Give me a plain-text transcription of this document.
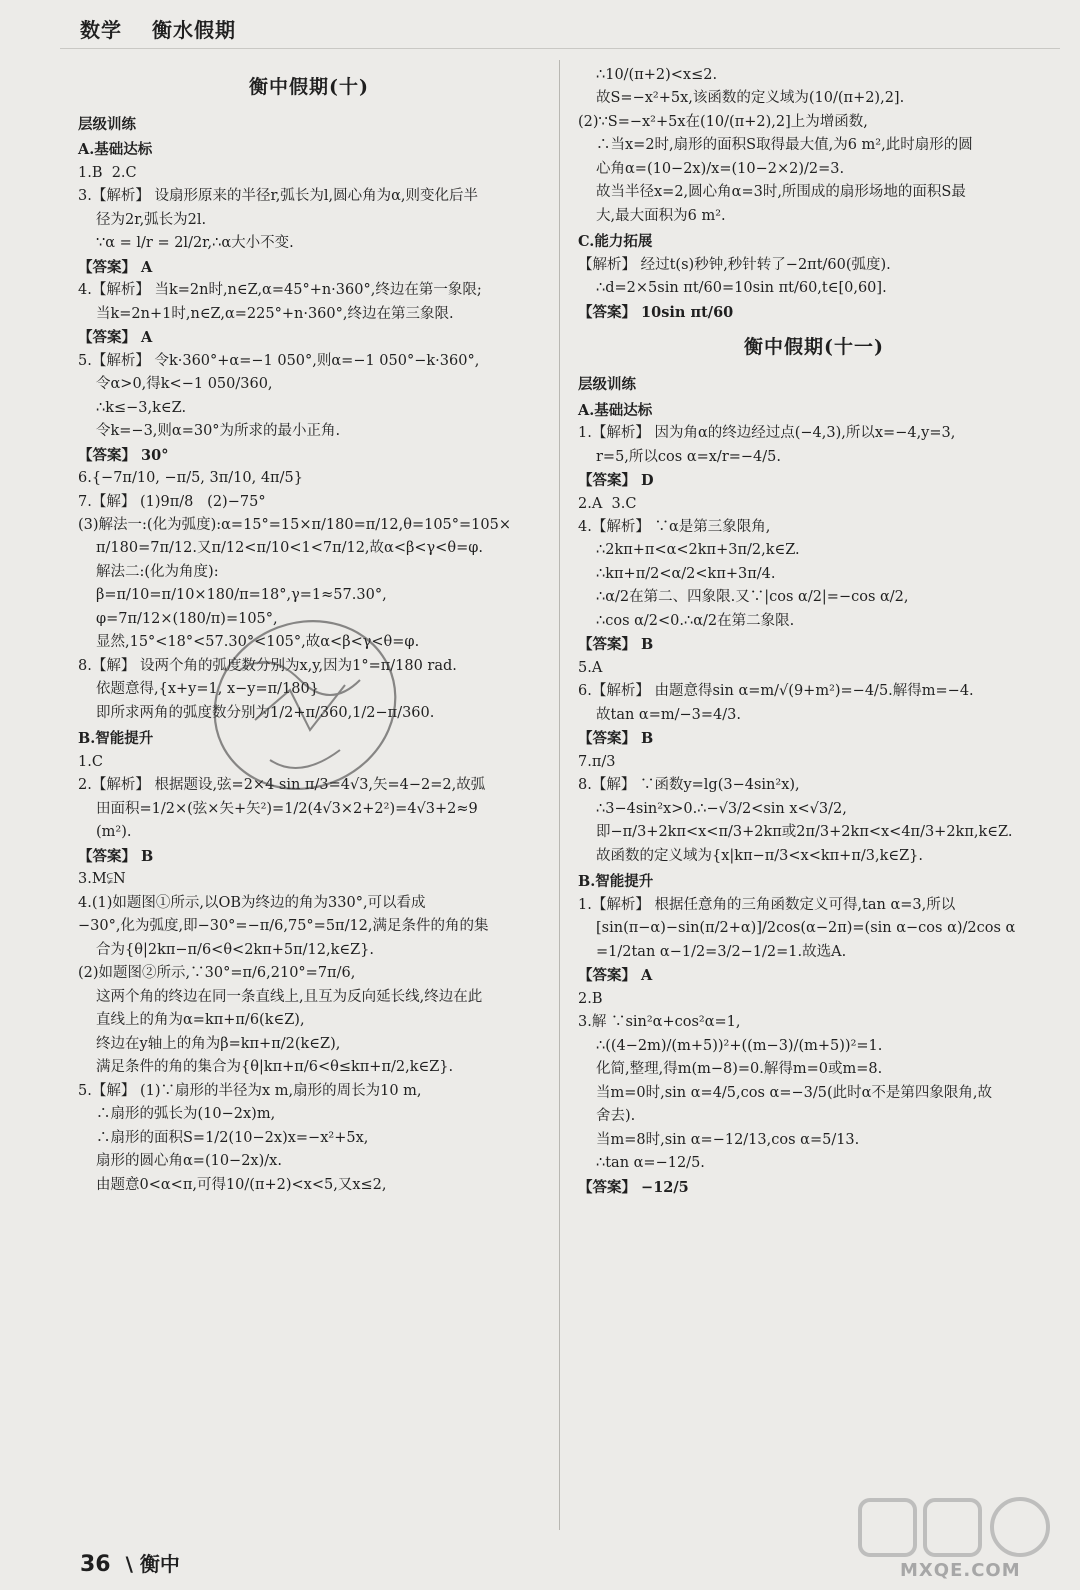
数学 衡水假期
衡中假期(十)
层级训练
A.基础达标
1.B  2.C
3.【解析】 设扇形原来的半径r,弧长为l,圆心角为α,则变化后半
径为2r,弧长为2l.
∵α = l/r = 2l/2r,∴α大小不变.
【答案】 A
4.【解析】 当k=2n时,n∈Z,α=45°+n·360°,终边在第一象限;
当k=2n+1时,n∈Z,α=225°+n·360°,终边在第三象限.
【答案】 A
5.【解析】 令k·360°+α=−1 050°,则α=−1 050°−k·360°,
令α>0,得k<−1 050/360,
∴k≤−3,k∈Z.
令k=−3,则α=30°为所求的最小正角.
【答案】 30°
6.{−7π/10, −π/5, 3π/10, 4π/5}
7.【解】 (1)9π/8   (2)−75°
(3)解法一:(化为弧度):α=15°=15×π/180=π/12,θ=105°=105×
π/180=7π/12.又π/12<π/10<1<7π/12,故α<β<γ<θ=φ.
解法二:(化为角度):
β=π/10=π/10×180/π=18°,γ=1≈57.30°,
φ=7π/12×(180/π)=105°,
显然,15°<18°<57.30°<105°,故α<β<γ<θ=φ.
8.【解】 设两个角的弧度数分别为x,y,因为1°=π/180 rad.
依题意得,{x+y=1, x−y=π/180}
即所求两角的弧度数分别为1/2+π/360,1/2−π/360.
B.智能提升
1.C
2.【解析】 根据题设,弦=2×4 sin π/3=4√3,矢=4−2=2,故弧
田面积=1/2×(弦×矢+矢²)=1/2(4√3×2+2²)=4√3+2≈9
(m²).
【答案】 B
3.M⫋N
4.(1)如题图①所示,以OB为终边的角为330°,可以看成
−30°,化为弧度,即−30°=−π/6,75°=5π/12,满足条件的角的集
合为{θ|2kπ−π/6<θ<2kπ+5π/12,k∈Z}.
(2)如题图②所示,∵30°=π/6,210°=7π/6,
这两个角的终边在同一条直线上,且互为反向延长线,终边在此
直线上的角为α=kπ+π/6(k∈Z),
终边在y轴上的角为β=kπ+π/2(k∈Z),
满足条件的角的集合为{θ|kπ+π/6<θ≤kπ+π/2,k∈Z}.
5.【解】 (1)∵扇形的半径为x m,扇形的周长为10 m,
∴扇形的弧长为(10−2x)m,
∴扇形的面积S=1/2(10−2x)x=−x²+5x,
扇形的圆心角α=(10−2x)/x.
由题意0<α<π,可得10/(π+2)<x<5,又x≤2,
∴10/(π+2)<x≤2.
故S=−x²+5x,该函数的定义域为(10/(π+2),2].
(2)∵S=−x²+5x在(10/(π+2),2]上为增函数,
∴当x=2时,扇形的面积S取得最大值,为6 m²,此时扇形的圆
心角α=(10−2x)/x=(10−2×2)/2=3.
故当半径x=2,圆心角α=3时,所围成的扇形场地的面积S最
大,最大面积为6 m².
C.能力拓展
【解析】 经过t(s)秒钟,秒针转了−2πt/60(弧度).
∴d=2×5sin πt/60=10sin πt/60,t∈[0,60].
【答案】 10sin πt/60
衡中假期(十一)
层级训练
A.基础达标
1.【解析】 因为角α的终边经过点(−4,3),所以x=−4,y=3,
r=5,所以cos α=x/r=−4/5.
【答案】 D
2.A  3.C
4.【解析】 ∵α是第三象限角,
∴2kπ+π<α<2kπ+3π/2,k∈Z.
∴kπ+π/2<α/2<kπ+3π/4.
∴α/2在第二、四象限.又∵|cos α/2|=−cos α/2,
∴cos α/2<0.∴α/2在第二象限.
【答案】 B
5.A
6.【解析】 由题意得sin α=m/√(9+m²)=−4/5.解得m=−4.
故tan α=m/−3=4/3.
【答案】 B
7.π/3
8.【解】 ∵函数y=lg(3−4sin²x),
∴3−4sin²x>0.∴−√3/2<sin x<√3/2,
即−π/3+2kπ<x<π/3+2kπ或2π/3+2kπ<x<4π/3+2kπ,k∈Z.
故函数的定义域为{x|kπ−π/3<x<kπ+π/3,k∈Z}.
B.智能提升
1.【解析】 根据任意角的三角函数定义可得,tan α=3,所以
[sin(π−α)−sin(π/2+α)]/2cos(α−2π)=(sin α−cos α)/2cos α
=1/2tan α−1/2=3/2−1/2=1.故选A.
【答案】 A
2.B
3.解 ∵sin²α+cos²α=1,
∴((4−2m)/(m+5))²+((m−3)/(m+5))²=1.
化简,整理,得m(m−8)=0.解得m=0或m=8.
当m=0时,sin α=4/5,cos α=−3/5(此时α不是第四象限角,故
舍去).
当m=8时,sin α=−12/13,cos α=5/13.
∴tan α=−12/5.
【答案】 −12/5
MXQE.COM
36 \ 衡中
